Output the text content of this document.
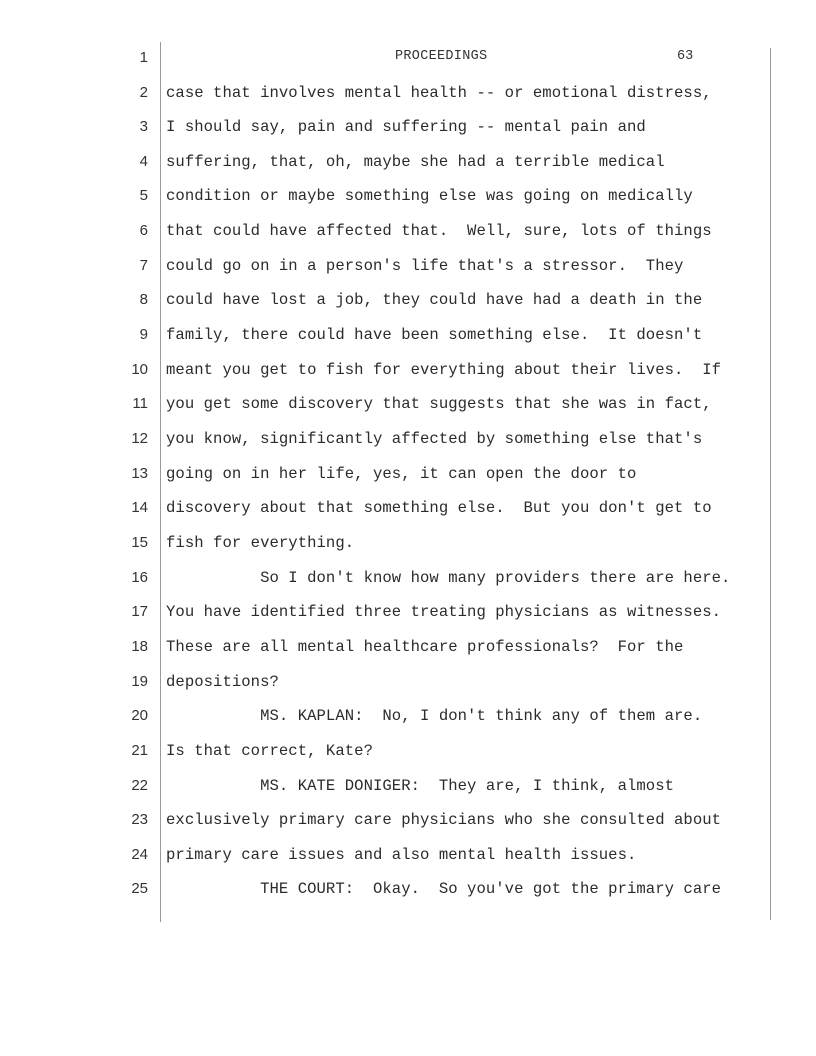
1	PROCEEDINGS	63
2 case that involves mental health -- or emotional distress,
3 I should say, pain and suffering -- mental pain and
4 suffering, that, oh, maybe she had a terrible medical
5 condition or maybe something else was going on medically
6 that could have affected that.  Well, sure, lots of things
7 could go on in a person's life that's a stressor.  They
8 could have lost a job, they could have had a death in the
9 family, there could have been something else.  It doesn't
10 meant you get to fish for everything about their lives.  If
11 you get some discovery that suggests that she was in fact,
12 you know, significantly affected by something else that's
13 going on in her life, yes, it can open the door to
14 discovery about that something else.  But you don't get to
15 fish for everything.
16 So I don't know how many providers there are here.
17 You have identified three treating physicians as witnesses.
18 These are all mental healthcare professionals?  For the
19 depositions?
20 MS. KAPLAN:  No, I don't think any of them are.
21 Is that correct, Kate?
22 MS. KATE DONIGER:  They are, I think, almost
23 exclusively primary care physicians who she consulted about
24 primary care issues and also mental health issues.
25 THE COURT:  Okay.  So you've got the primary care
